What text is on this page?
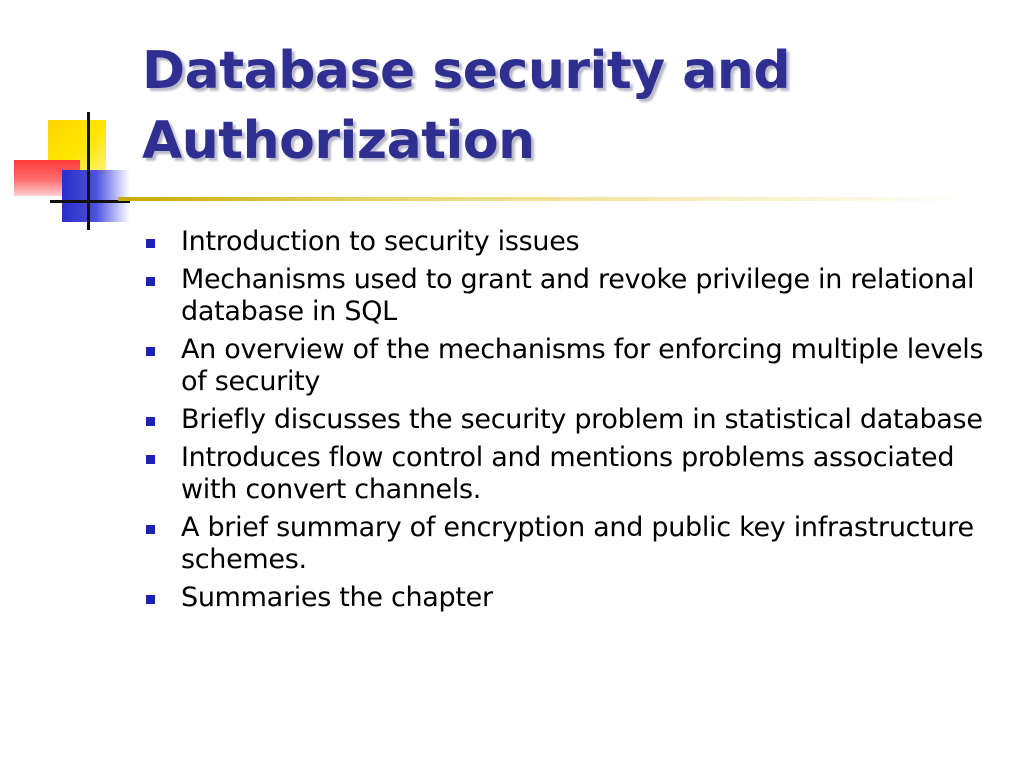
Database security and
Authorization
Introduction to security issues
Mechanisms used to grant and revoke privilege in relational database in SQL
An overview of the mechanisms for enforcing multiple levels of security
Briefly discusses the security problem in statistical database
Introduces flow control and mentions problems associated with convert channels.
A brief summary of encryption and public key infrastructure schemes.
Summaries the chapter
